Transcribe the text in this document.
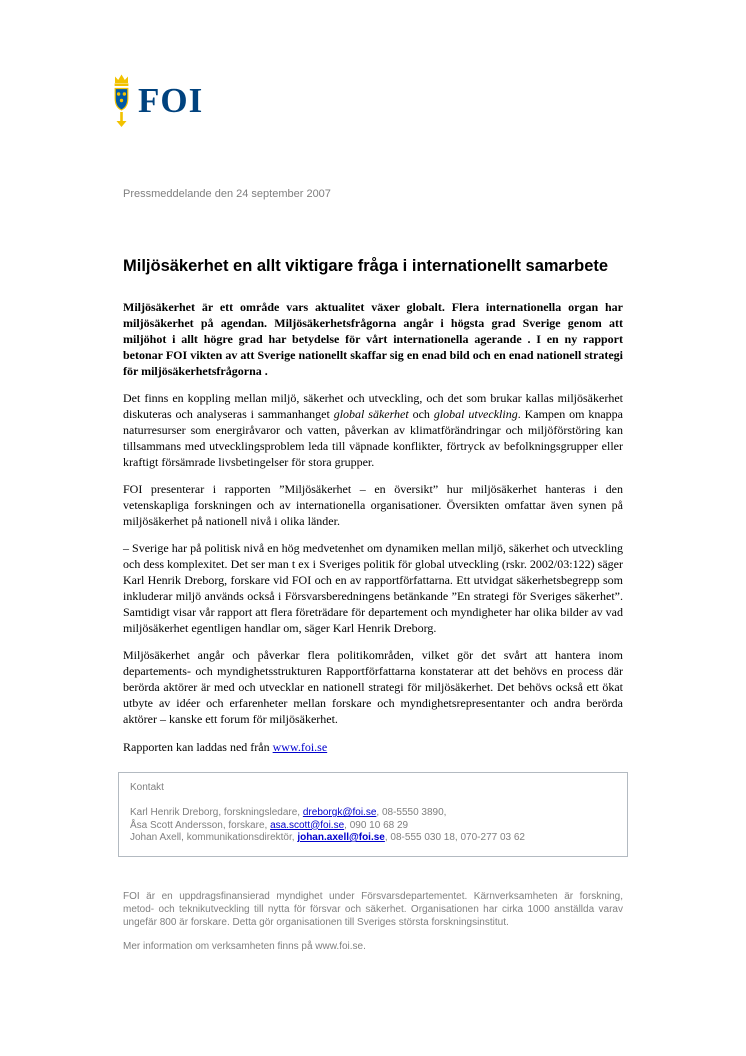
FOI
Pressmeddelande den 24 september 2007
Miljösäkerhet en allt viktigare fråga i internationellt samarbete

Miljösäkerhet är ett område vars aktualitet växer globalt. Flera internationella organ har miljösäkerhet på agendan. Miljösäkerhetsfrågorna angår i högsta grad Sverige genom att miljöhot i allt högre grad har betydelse för vårt internationella agerande . I en ny rapport betonar FOI vikten av att Sverige nationellt skaffar sig en enad bild och en enad nationell strategi för miljösäkerhetsfrågorna .

Det finns en koppling mellan miljö, säkerhet och utveckling, och det som brukar kallas miljösäkerhet diskuteras och analyseras i sammanhanget global säkerhet och global utveckling. Kampen om knappa naturresurser som energiråvaror och vatten, påverkan av klimatförändringar och miljöförstöring kan tillsammans med utvecklingsproblem leda till väpnade konflikter, förtryck av befolkningsgrupper eller kraftigt försämrade livsbetingelser för stora grupper.

FOI presenterar i rapporten ”Miljösäkerhet – en översikt” hur miljösäkerhet hanteras i den vetenskapliga forskningen och av internationella organisationer. Översikten omfattar även synen på miljösäkerhet på nationell nivå i olika länder.

– Sverige har på politisk nivå en hög medvetenhet om dynamiken mellan miljö, säkerhet och utveckling och dess komplexitet. Det ser man t ex i Sveriges politik för global utveckling (rskr. 2002/03:122) säger Karl Henrik Dreborg, forskare vid FOI och en av rapportförfattarna. Ett utvidgat säkerhetsbegrepp som inkluderar miljö används också i Försvarsberedningens betänkande ”En strategi för Sveriges säkerhet”. Samtidigt visar vår rapport att flera företrädare för departement och myndigheter har olika bilder av vad miljösäkerhet egentligen handlar om, säger Karl Henrik Dreborg.

Miljösäkerhet angår och påverkar flera politikområden, vilket gör det svårt att hantera inom departements- och myndighetsstrukturen Rapportförfattarna konstaterar att det behövs en process där berörda aktörer är med och utvecklar en nationell strategi för miljösäkerhet. Det behövs också ett ökat utbyte av idéer och erfarenheter mellan forskare och myndighetsrepresentanter och andra berörda aktörer – kanske ett forum för miljösäkerhet.

Rapporten kan laddas ned från www.foi.se

Kontakt
Karl Henrik Dreborg, forskningsledare, dreborgk@foi.se, 08-5550 3890,
Åsa Scott Andersson, forskare, asa.scott@foi.se, 090 10 68 29
Johan Axell, kommunikationsdirektör, johan.axell@foi.se, 08-555 030 18, 070-277 03 62
FOI är en uppdragsfinansierad myndighet under Försvarsdepartementet. Kärnverksamheten är forskning, metod- och teknikutveckling till nytta för försvar och säkerhet. Organisationen har cirka 1000 anställda varav ungefär 800 är forskare. Detta gör organisationen till Sveriges största forskningsinstitut.
Mer information om verksamheten finns på www.foi.se.
